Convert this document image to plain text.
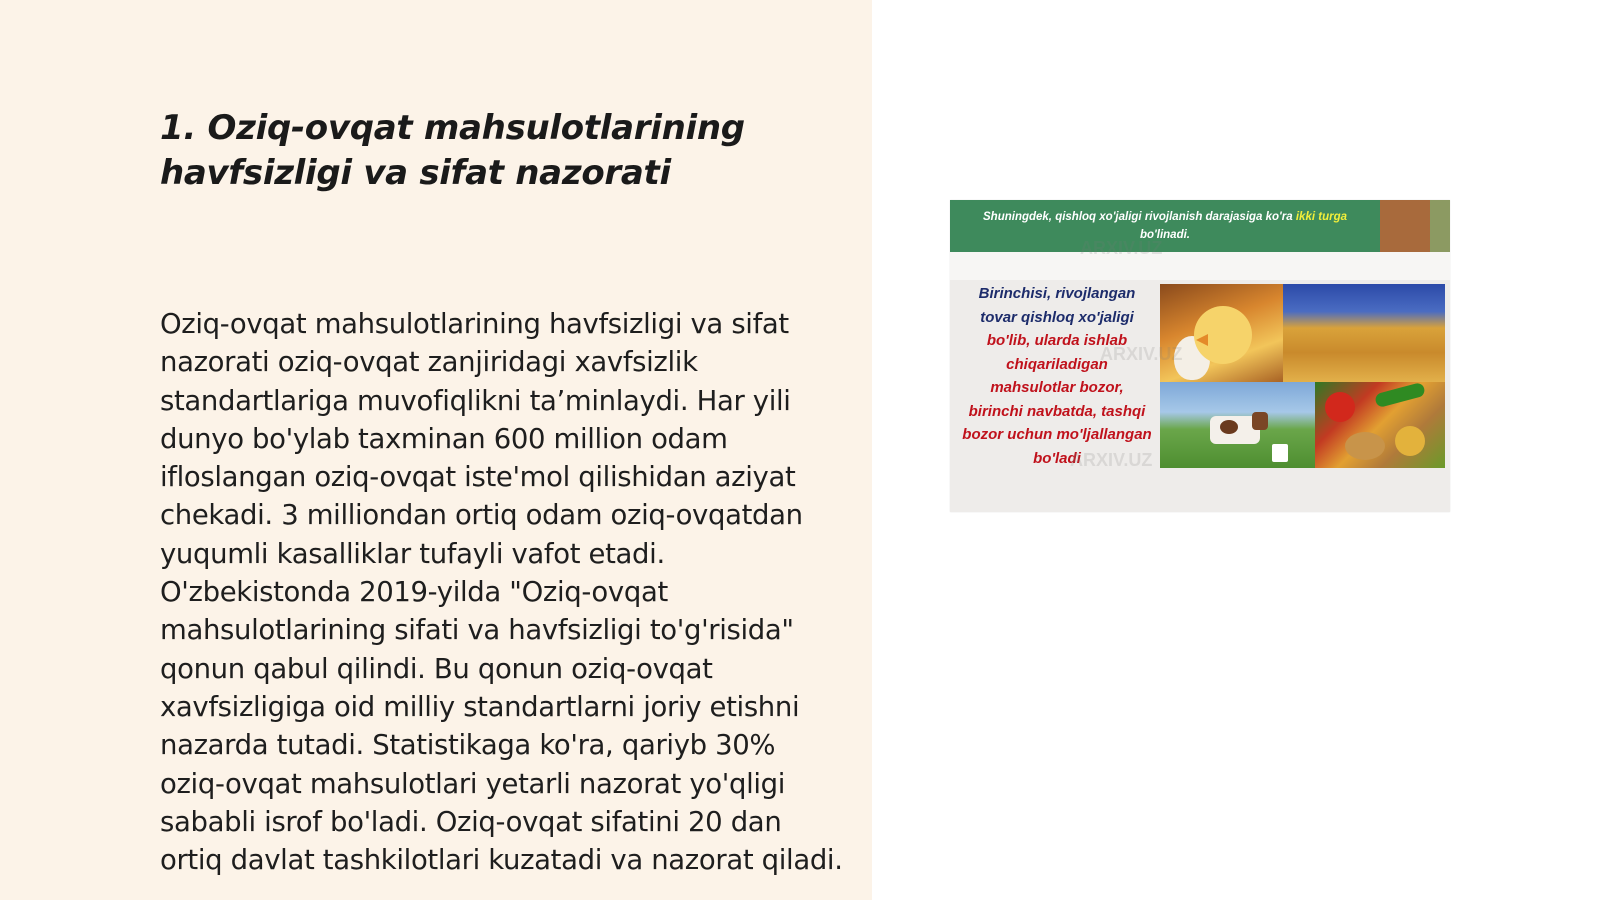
1. Oziq-ovqat mahsulotlarining havfsizligi va sifat nazorati

Oziq-ovqat mahsulotlarining havfsizligi va sifat nazorati oziq-ovqat zanjiridagi xavfsizlik standartlariga muvofiqlikni ta’minlaydi. Har yili dunyo bo'ylab taxminan 600 million odam ifloslangan oziq-ovqat iste'mol qilishidan aziyat chekadi. 3 milliondan ortiq odam oziq-ovqatdan yuqumli kasalliklar tufayli vafot etadi. O'zbekistonda 2019-yilda "Oziq-ovqat mahsulotlarining sifati va havfsizligi to'g'risida" qonun qabul qilindi. Bu qonun oziq-ovqat xavfsizligiga oid milliy standartlarni joriy etishni nazarda tutadi. Statistikaga ko'ra, qariyb 30% oziq-ovqat mahsulotlari yetarli nazorat yo'qligi sababli isrof bo'ladi. Oziq-ovqat sifatini 20 dan ortiq davlat tashkilotlari kuzatadi va nazorat qiladi.

Shuningdek, qishloq xo'jaligi rivojlanish darajasiga ko'ra ikki turga bo'linadi.
Birinchisi, rivojlangan tovar qishloq xo'jaligi bo'lib, ularda ishlab chiqariladigan mahsulotlar bozor, birinchi navbatda, tashqi bozor uchun mo'ljallangan bo'ladi
ARXIV.UZ
ARXIV.UZ
ARXIV.UZ
